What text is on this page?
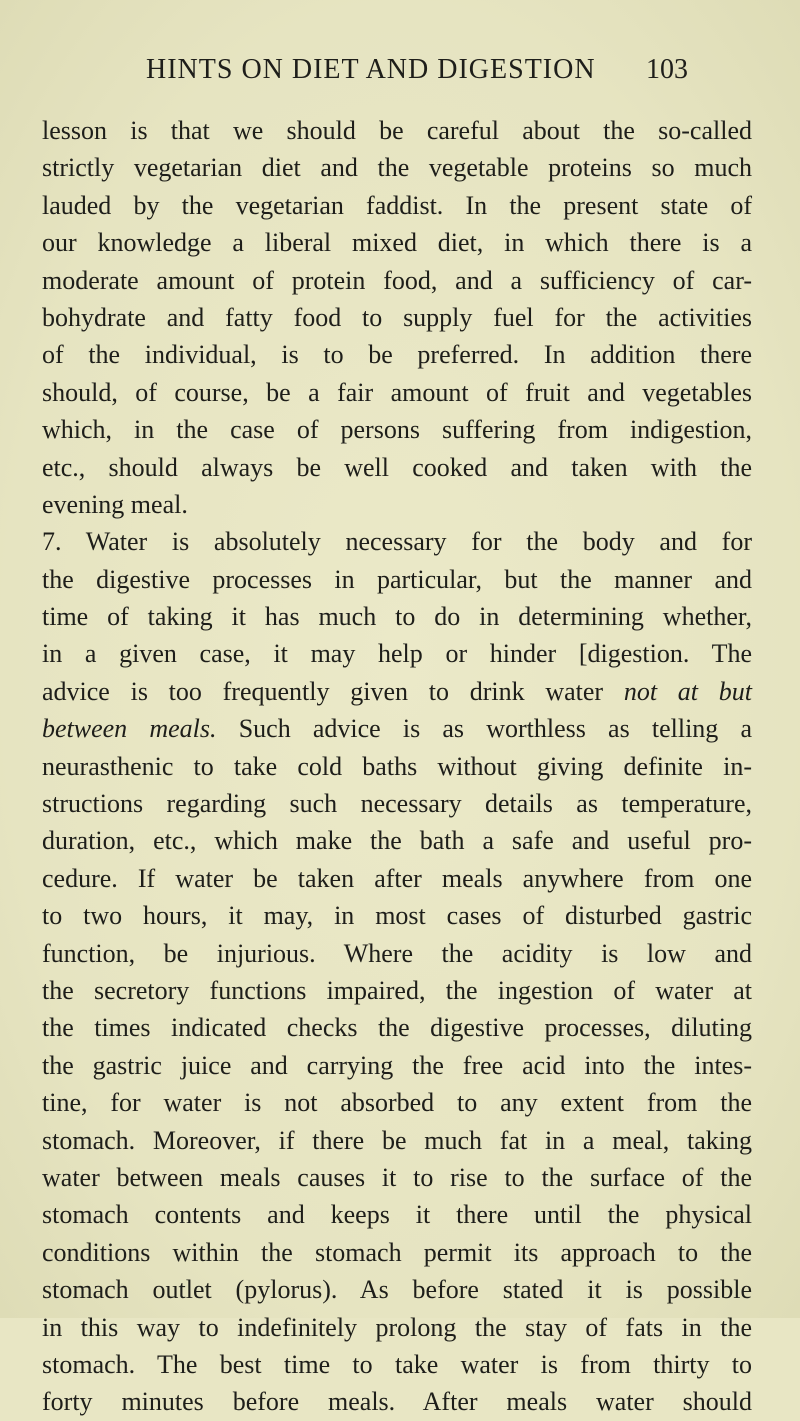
HINTS ON DIET AND DIGESTION 103
lesson is that we should be careful about the so-called
strictly vegetarian diet and the vegetable proteins so much
lauded by the vegetarian faddist. In the present state of
our knowledge a liberal mixed diet, in which there is a
moderate amount of protein food, and a sufficiency of car-
bohydrate and fatty food to supply fuel for the activities
of the individual, is to be preferred. In addition there
should, of course, be a fair amount of fruit and vegetables
which, in the case of persons suffering from indigestion,
etc., should always be well cooked and taken with the
evening meal.
7. Water is absolutely necessary for the body and for
the digestive processes in particular, but the manner and
time of taking it has much to do in determining whether,
in a given case, it may help or hinder [digestion. The
advice is too frequently given to drink water not at but
between meals. Such advice is as worthless as telling a
neurasthenic to take cold baths without giving definite in-
structions regarding such necessary details as temperature,
duration, etc., which make the bath a safe and useful pro-
cedure. If water be taken after meals anywhere from one
to two hours, it may, in most cases of disturbed gastric
function, be injurious. Where the acidity is low and
the secretory functions impaired, the ingestion of water at
the times indicated checks the digestive processes, diluting
the gastric juice and carrying the free acid into the intes-
tine, for water is not absorbed to any extent from the
stomach. Moreover, if there be much fat in a meal, taking
water between meals causes it to rise to the surface of the
stomach contents and keeps it there until the physical
conditions within the stomach permit its approach to the
stomach outlet (pylorus). As before stated it is possible
in this way to indefinitely prolong the stay of fats in the
stomach. The best time to take water is from thirty to
forty minutes before meals. After meals water should
